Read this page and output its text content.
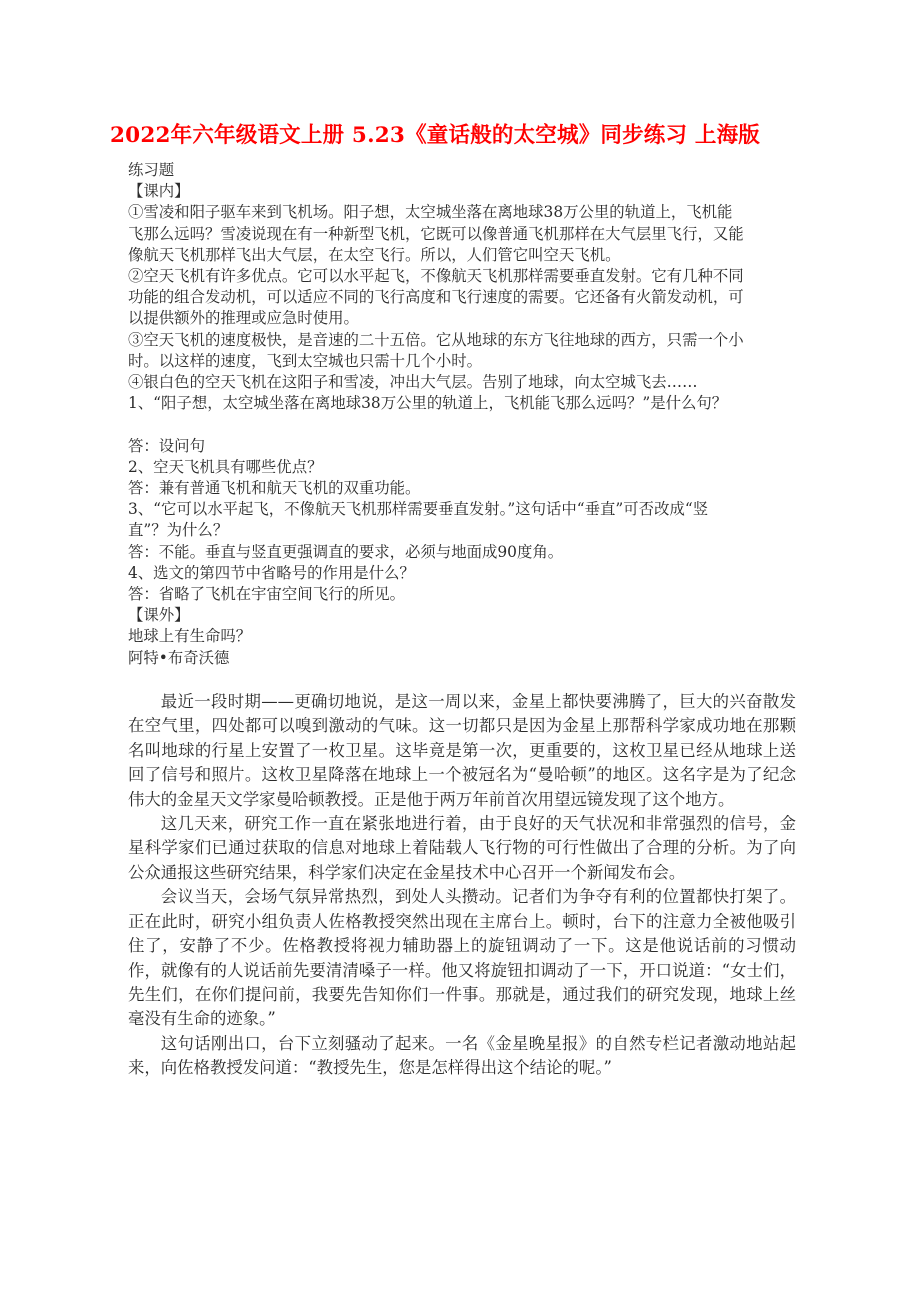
2022年六年级语文上册 5.23《童话般的太空城》同步练习 上海版
练习题
【课内】
①雪凌和阳子驱车来到飞机场。阳子想，太空城坐落在离地球38万公里的轨道上，飞机能
飞那么远吗？雪凌说现在有一种新型飞机，它既可以像普通飞机那样在大气层里飞行，又能
像航天飞机那样飞出大气层，在太空飞行。所以，人们管它叫空天飞机。
②空天飞机有许多优点。它可以水平起飞，不像航天飞机那样需要垂直发射。它有几种不同
功能的组合发动机，可以适应不同的飞行高度和飞行速度的需要。它还备有火箭发动机，可
以提供额外的推理或应急时使用。
③空天飞机的速度极快，是音速的二十五倍。它从地球的东方飞往地球的西方，只需一个小
时。以这样的速度，飞到太空城也只需十几个小时。
④银白色的空天飞机在这阳子和雪凌，冲出大气层。告别了地球，向太空城飞去……
1、“阳子想，太空城坐落在离地球38万公里的轨道上，飞机能飞那么远吗？”是什么句？
答：设问句
2、空天飞机具有哪些优点？
答：兼有普通飞机和航天飞机的双重功能。
3、“它可以水平起飞，不像航天飞机那样需要垂直发射。”这句话中“垂直”可否改成“竖
直”？为什么？
答：不能。垂直与竖直更强调直的要求，必须与地面成90度角。
4、选文的第四节中省略号的作用是什么？
答：省略了飞机在宇宙空间飞行的所见。
【课外】
地球上有生命吗？
阿特•布奇沃德

最近一段时期——更确切地说，是这一周以来，金星上都快要沸腾了，巨大的兴奋散发在空气里，四处都可以嗅到激动的气味。这一切都只是因为金星上那帮科学家成功地在那颗名叫地球的行星上安置了一枚卫星。这毕竟是第一次，更重要的，这枚卫星已经从地球上送回了信号和照片。这枚卫星降落在地球上一个被冠名为“曼哈顿”的地区。这名字是为了纪念伟大的金星天文学家曼哈顿教授。正是他于两万年前首次用望远镜发现了这个地方。

这几天来，研究工作一直在紧张地进行着，由于良好的天气状况和非常强烈的信号，金星科学家们已通过获取的信息对地球上着陆载人飞行物的可行性做出了合理的分析。为了向公众通报这些研究结果，科学家们决定在金星技术中心召开一个新闻发布会。

会议当天，会场气氛异常热烈，到处人头攒动。记者们为争夺有利的位置都快打架了。正在此时，研究小组负责人佐格教授突然出现在主席台上。顿时，台下的注意力全被他吸引住了，安静了不少。佐格教授将视力辅助器上的旋钮调动了一下。这是他说话前的习惯动作，就像有的人说话前先要清清嗓子一样。他又将旋钮扣调动了一下，开口说道：“女士们，先生们，在你们提问前，我要先告知你们一件事。那就是，通过我们的研究发现，地球上丝毫没有生命的迹象。”

这句话刚出口，台下立刻骚动了起来。一名《金星晚星报》的自然专栏记者激动地站起来，向佐格教授发问道：“教授先生，您是怎样得出这个结论的呢。”
